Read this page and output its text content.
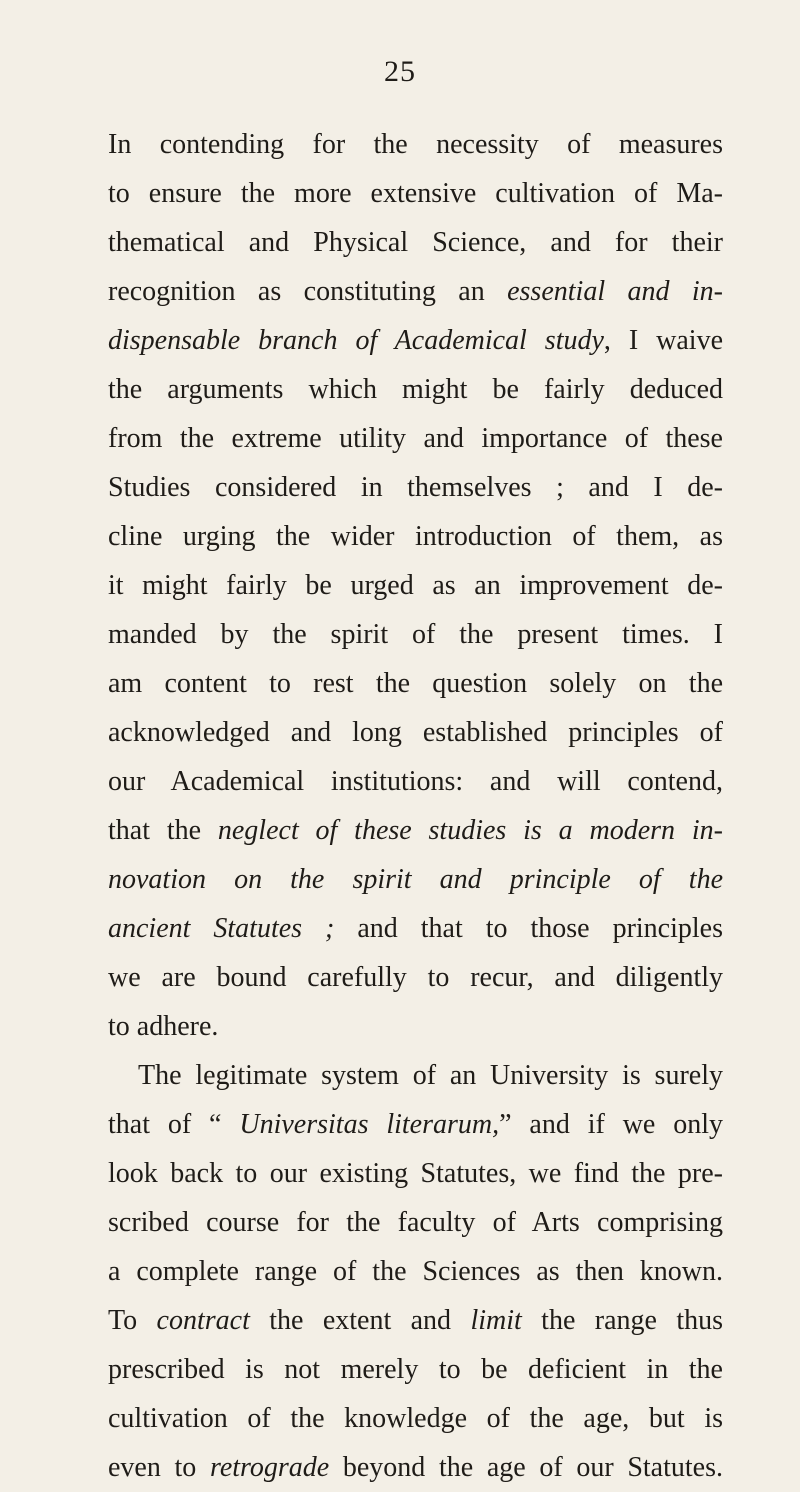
25
In contending for the necessity of measures
to ensure the more extensive cultivation of Ma-
thematical and Physical Science, and for their
recognition as constituting an essential and in-
dispensable branch of Academical study, I waive
the arguments which might be fairly deduced
from the extreme utility and importance of these
Studies considered in themselves ; and I de-
cline urging the wider introduction of them, as
it might fairly be urged as an improvement de-
manded by the spirit of the present times. I
am content to rest the question solely on the
acknowledged and long established principles of
our Academical institutions: and will contend,
that the neglect of these studies is a modern in-
novation on the spirit and principle of the
ancient Statutes ; and that to those principles
we are bound carefully to recur, and diligently
to adhere.
The legitimate system of an University is surely
that of “ Universitas literarum,” and if we only
look back to our existing Statutes, we find the pre-
scribed course for the faculty of Arts comprising
a complete range of the Sciences as then known.
To contract the extent and limit the range thus
prescribed is not merely to be deficient in the
cultivation of the knowledge of the age, but is
even to retrograde beyond the age of our Statutes.
